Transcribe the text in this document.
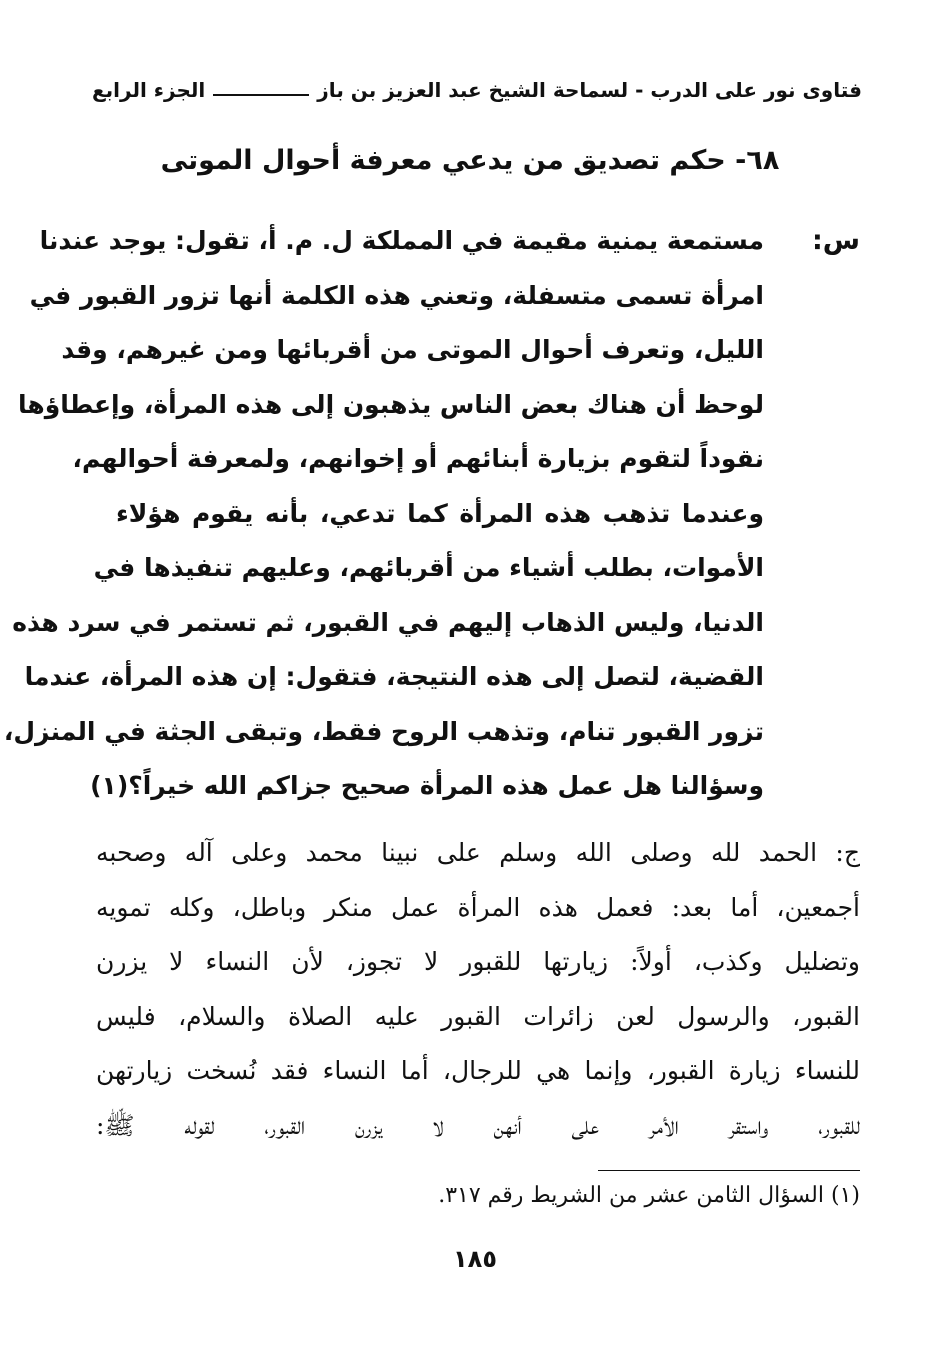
فتاوى نور على الدرب - لسماحة الشيخ عبد العزيز بن باز
الجزء الرابع
٦٨- حكم تصديق من يدعي معرفة أحوال الموتى
س:
مستمعة يمنية مقيمة في المملكة ل. م. أ، تقول: يوجد عندنا
امرأة تسمى متسفلة، وتعني هذه الكلمة أنها تزور القبور في
الليل، وتعرف أحوال الموتى من أقربائها ومن غيرهم، وقد
لوحظ أن هناك بعض الناس يذهبون إلى هذه المرأة، وإعطاؤها
نقوداً لتقوم بزيارة أبنائهم أو إخوانهم، ولمعرفة أحوالهم،
وعندما تذهب هذه المرأة كما تدعي، بأنه يقوم هؤلاء
الأموات، بطلب أشياء من أقربائهم، وعليهم تنفيذها في
الدنيا، وليس الذهاب إليهم في القبور، ثم تستمر في سرد هذه
القضية، لتصل إلى هذه النتيجة، فتقول: إن هذه المرأة، عندما
تزور القبور تنام، وتذهب الروح فقط، وتبقى الجثة في المنزل،
وسؤالنا هل عمل هذه المرأة صحيح جزاكم الله خيراً؟(١)
ج: الحمد لله وصلى الله وسلم على نبينا محمد وعلى آله وصحبه
أجمعين، أما بعد: فعمل هذه المرأة عمل منكر وباطل، وكله تمويه
وتضليل وكذب، أولاً: زيارتها للقبور لا تجوز، لأن النساء لا يزرن
القبور، والرسول لعن زائرات القبور عليه الصلاة والسلام، فليس
للنساء زيارة القبور، وإنما هي للرجال، أما النساء فقد نُسخت زيارتهن
للقبور، واستقر الأمر على أنهن لا يزرن القبور، لقوله ﷺ:
(١) السؤال الثامن عشر من الشريط رقم ٣١٧.
١٨٥
